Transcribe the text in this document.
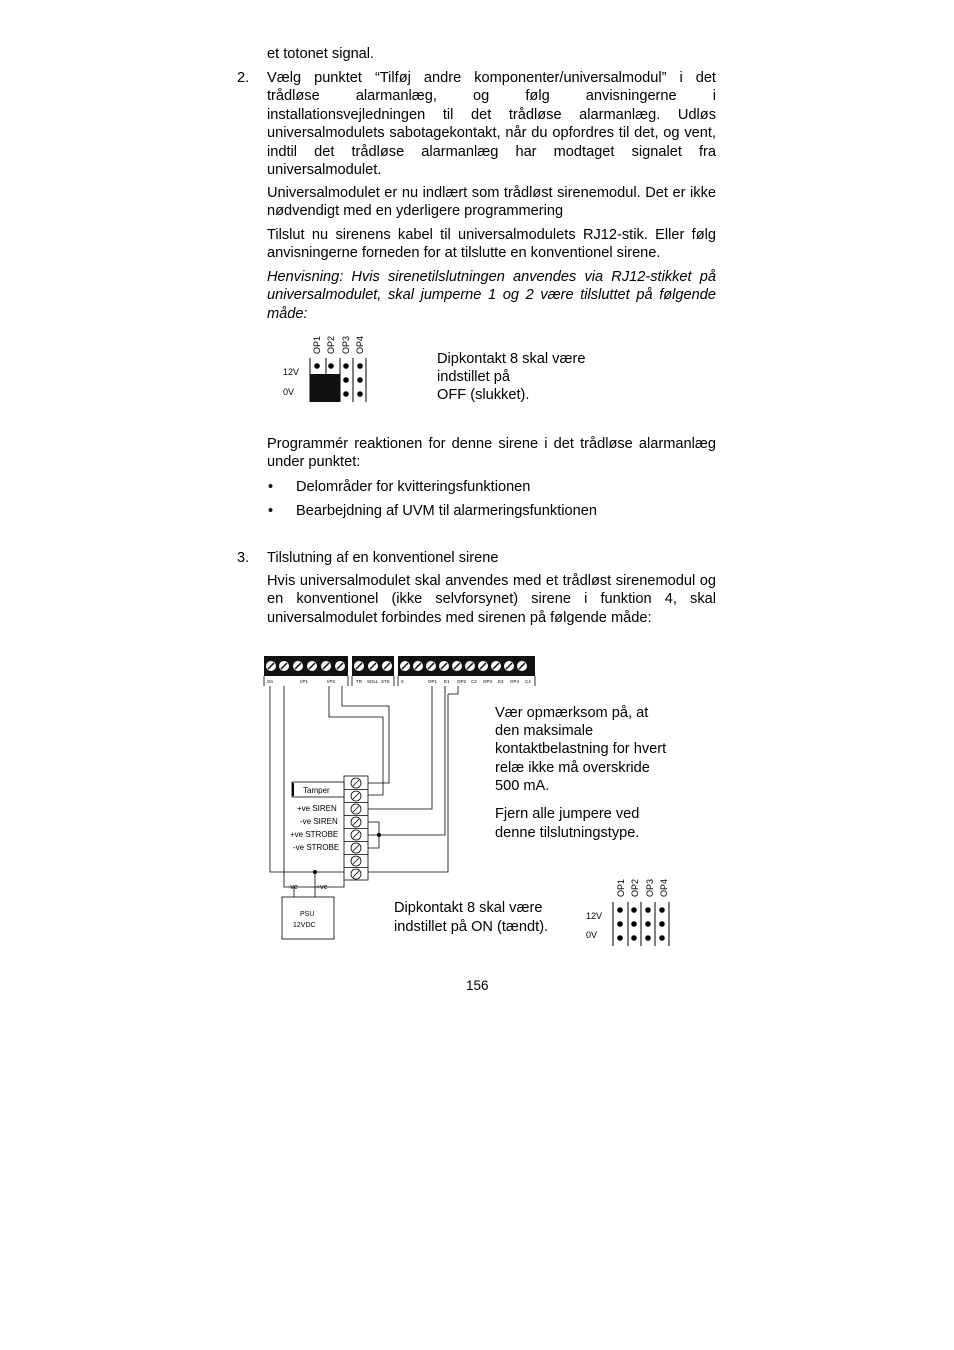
et totonet signal.
2. Vælg punktet “Tilføj andre komponenter/universalmodul” i det trådløse alarmanlæg, og følg anvisningerne i installationsvejledningen til det trådløse alarmanlæg. Udløs universalmodulets sabotagekontakt, når du opfordres til det, og vent, indtil det trådløse alarmanlæg har modtaget signalet fra universalmodulet.
Universalmodulet er nu indlært som trådløst sirenemodul. Det er ikke nødvendigt med en yderligere programmering
Tilslut nu sirenens kabel til universalmodulets RJ12-stik. Eller følg anvisningerne forneden for at tilslutte en konventionel sirene.
Henvisning: Hvis sirenetilslutningen anvendes via RJ12-stikket på universalmodulet, skal jumperne 1 og 2 være tilsluttet på følgende måde:
OP1 OP2 OP3 OP4
12V
0V
Dipkontakt 8 skal være
indstillet på
OFF (slukket).
Programmér reaktionen for denne sirene i det trådløse alarmanlæg under punktet:
• Delområder for kvitteringsfunktionen
• Bearbejdning af UVM til alarmeringsfunktionen
3. Tilslutning af en konventionel sirene
Hvis universalmodulet skal anvendes med et trådløst sirenemodul og en konventionel (ikke selvforsynet) sirene i funktion 4, skal universalmodulet forbindes med sirenen på følgende måde:
On	I/P1	I/P2	TR SOLL STK 0	OP1 E1 OP2 C2 OP3 E3 OP4 C4
Tamper
+ve SIREN
-ve SIREN
+ve STROBE
-ve STROBE
-ve	+ve
PSU
12VDC
Vær opmærksom på, at
den maksimale
kontaktbelastning for hvert
relæ ikke må overskride
500 mA.
Fjern alle jumpere ved
denne tilslutningstype.
Dipkontakt 8 skal være
indstillet på ON (tændt).
OP1 OP2 OP3 OP4
12V
0V
156
